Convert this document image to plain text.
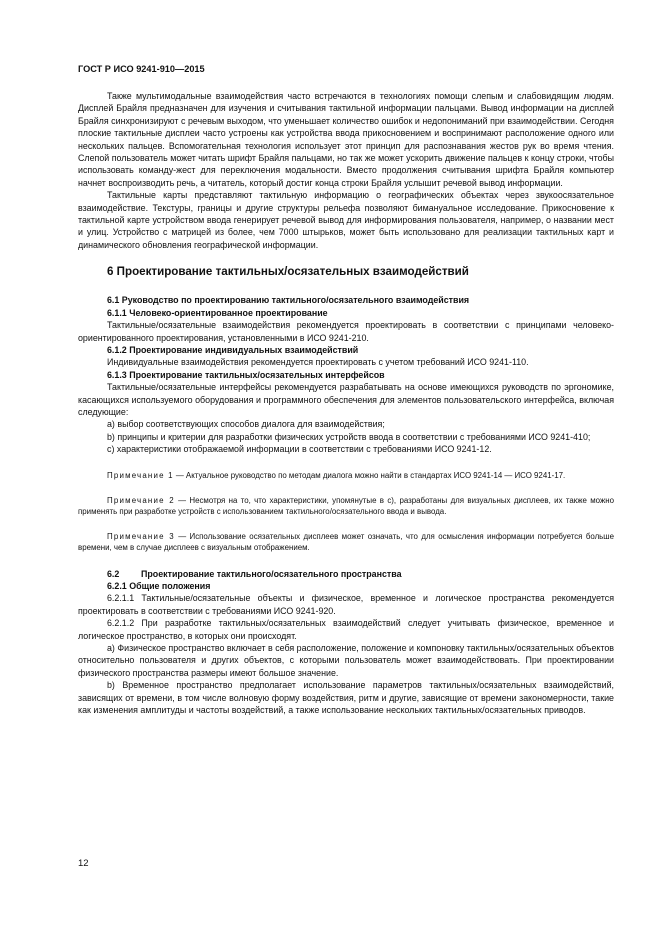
ГОСТ Р ИСО 9241-910—2015

Также мультимодальные взаимодействия часто встречаются в технологиях помощи слепым и слабовидящим людям. Дисплей Брайля предназначен для изучения и считывания тактильной информации пальцами. Вывод информации на дисплей Брайля синхронизируют с речевым выходом, что уменьшает количество ошибок и недопониманий при взаимодействии. Сегодня плоские тактильные дисплеи часто устроены как устройства ввода прикосновением и воспринимают расположение одного или нескольких пальцев. Вспомогательная технология использует этот принцип для распознавания жестов рук во время чтения. Слепой пользователь может читать шрифт Брайля пальцами, но так же может ускорить движение пальцев к концу строки, чтобы использовать команду-жест для переключения модальности. Вместо продолжения считывания шрифта Брайля компьютер начнет воспроизводить речь, а читатель, который достиг конца строки Брайля услышит речевой вывод информации.

Тактильные карты представляют тактильную информацию о географических объектах через звукоосязательное взаимодействие. Текстуры, границы и другие структуры рельефа позволяют бимануальное исследование. Прикосновение к тактильной карте устройством ввода генерирует речевой вывод для информирования пользователя, например, о названии мест и улиц. Устройство с матрицей из более, чем 7000 штырьков, может быть использовано для реализации тактильных карт и динамического обновления географической информации.

6 Проектирование тактильных/осязательных взаимодействий
6.1 Руководство по проектированию тактильного/осязательного взаимодействия
6.1.1 Человеко-ориентированное проектирование

Тактильные/осязательные взаимодействия рекомендуется проектировать в соответствии с принципами человеко-ориентированного проектирования, установленными в ИСО 9241-210.

6.1.2 Проектирование индивидуальных взаимодействий

Индивидуальные взаимодействия рекомендуется проектировать с учетом требований ИСО 9241-110.

6.1.3 Проектирование тактильных/осязательных интерфейсов

Тактильные/осязательные интерфейсы рекомендуется разрабатывать на основе имеющихся руководств по эргономике, касающихся используемого оборудования и программного обеспечения для элементов пользовательского интерфейса, включая следующие:

а) выбор соответствующих способов диалога для взаимодействия;

b) принципы и критерии для разработки физических устройств ввода в соответствии с требованиями ИСО 9241-410;

c) характеристики отображаемой информации в соответствии с требованиями ИСО 9241-12.

Примечание 1 — Актуальное руководство по методам диалога можно найти в стандартах ИСО 9241-14 — ИСО 9241-17.
Примечание 2 — Несмотря на то, что характеристики, упомянутые в с), разработаны для визуальных дисплеев, их также можно применять при разработке устройств с использованием тактильного/осязательного ввода и вывода.
Примечание 3 — Использование осязательных дисплеев может означать, что для осмысления информации потребуется больше времени, чем в случае дисплеев с визуальным отображением.
6.2 Проектирование тактильного/осязательного пространства
6.2.1 Общие положения

6.2.1.1 Тактильные/осязательные объекты и физическое, временное и логическое пространства рекомендуется проектировать в соответствии с требованиями ИСО 9241-920.

6.2.1.2 При разработке тактильных/осязательных взаимодействий следует учитывать физическое, временное и логическое пространство, в которых они происходят.

a) Физическое пространство включает в себя расположение, положение и компоновку тактильных/осязательных объектов относительно пользователя и других объектов, с которыми пользователь может взаимодействовать. При проектировании физического пространства размеры имеют большое значение.

b) Временное пространство предполагает использование параметров тактильных/осязательных взаимодействий, зависящих от времени, в том числе волновую форму воздействия, ритм и другие, зависящие от времени закономерности, такие как изменения амплитуды и частоты воздействий, а также использование нескольких тактильных/осязательных приводов.

12
